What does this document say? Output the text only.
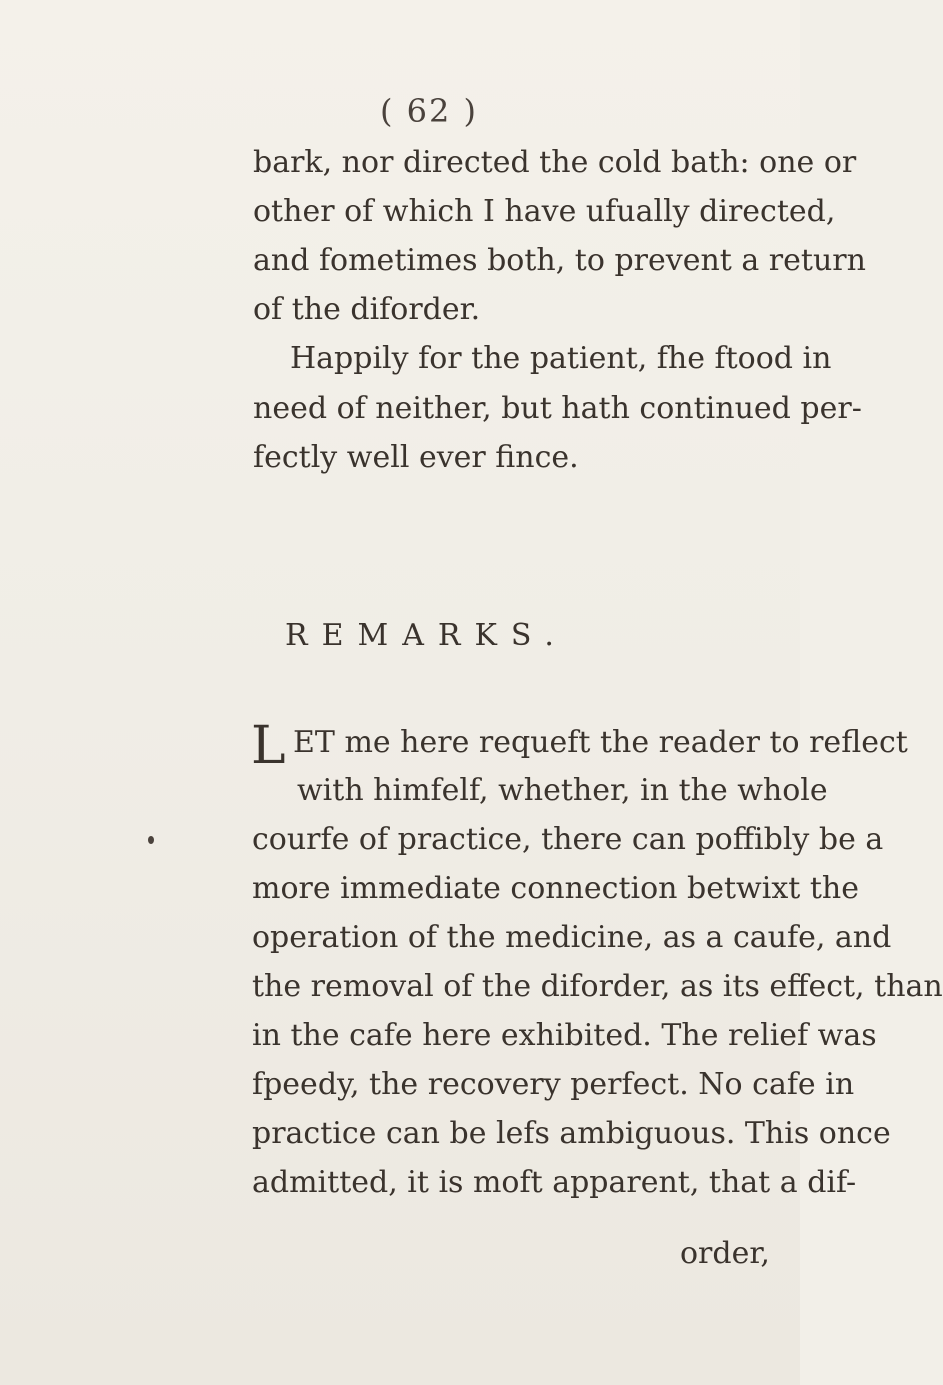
( 62 )
bark, nor directed the cold bath: one or
other of which I have ufually directed,
and fometimes both, to prevent a return
of the diforder.
Happily for the patient, fhe ftood in
need of neither, but hath continued per-
fectly well ever fince.
REMARKS.
L ET me here requeft the reader to reflect
with himfelf, whether, in the whole
courfe of practice, there can poffibly be a
more immediate connection betwixt the
operation of the medicine, as a caufe, and
the removal of the diforder, as its effect, than
in the cafe here exhibited. The relief was
fpeedy, the recovery perfect. No cafe in
practice can be lefs ambiguous. This once
admitted, it is moft apparent, that a dif-
order,
